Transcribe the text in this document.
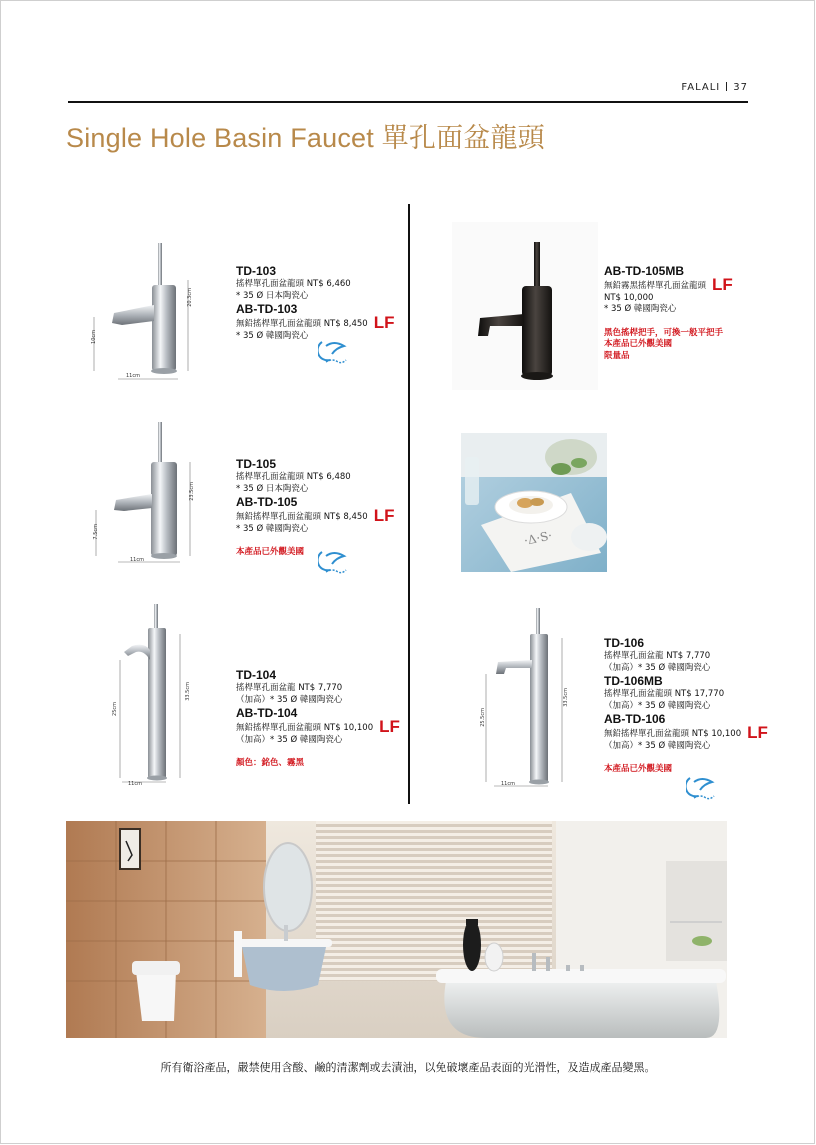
FALALI 37
Single Hole Basin Faucet 單孔面盆龍頭
20.3cm
10cm
11cm
TD-103
搖桿單孔面盆龍頭 NT$ 6,460
* 35 Ø 日本陶瓷心
AB-TD-103
無鉛搖桿單孔面盆龍頭 NT$ 8,450 LF
* 35 Ø 韓國陶瓷心
23.5cm
7.5cm
11cm
TD-105
搖桿單孔面盆龍頭 NT$ 6,480
* 35 Ø 日本陶瓷心
AB-TD-105
無鉛搖桿單孔面盆龍頭 NT$ 8,450 LF
* 35 Ø 韓國陶瓷心
本產品已外觀美國
33.5cm
25cm
11cm
TD-104
搖桿單孔面盆龍 NT$ 7,770
（加高）* 35 Ø 韓國陶瓷心
AB-TD-104
無鉛搖桿單孔面盆龍頭 NT$ 10,100 LF
（加高）* 35 Ø 韓國陶瓷心
顏色：銘色、霧黑
AB-TD-105MB
無鉛霧黑搖桿單孔面盆龍頭 LF
NT$ 10,000
* 35 Ø 韓國陶瓷心
黑色搖桿把手，可換一般平把手
本產品已外觀美國
限量品
·Δ·S·
33.5cm
25.5cm
11cm
TD-106
搖桿單孔面盆龍 NT$ 7,770
（加高）* 35 Ø 韓國陶瓷心
TD-106MB
搖桿單孔面盆龍頭 NT$ 17,770
（加高）* 35 Ø 韓國陶瓷心
AB-TD-106
無鉛搖桿單孔面盆龍頭 NT$ 10,100 LF
（加高）* 35 Ø 韓國陶瓷心
本產品已外觀美國
所有衛浴產品，嚴禁使用含酸、鹼的清潔劑或去漬油，以免破壞產品表面的光滑性，及造成產品變黑。
